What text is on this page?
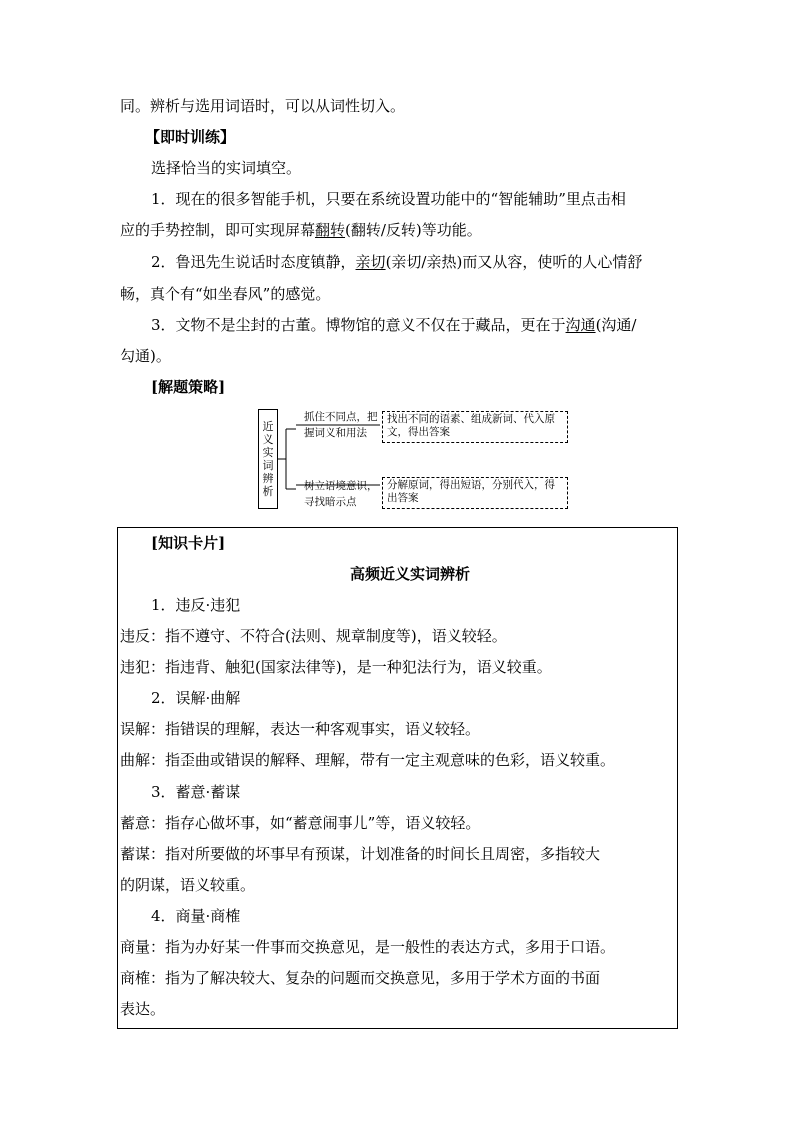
同。辨析与选用词语时，可以从词性切入。
【即时训练】
选择恰当的实词填空。
1．现在的很多智能手机，只要在系统设置功能中的“智能辅助”里点击相
应的手势控制，即可实现屏幕翻转(翻转/反转)等功能。
2．鲁迅先生说话时态度镇静，亲切(亲切/亲热)而又从容，使听的人心情舒
畅，真个有“如坐春风”的感觉。
3．文物不是尘封的古董。博物馆的意义不仅在于藏品，更在于沟通(沟通/
勾通)。
[解题策略]
近义实词辨析
抓住不同点，把
握词义和用法
找出不同的语素、组成新词、代入原文，得出答案
树立语境意识，
寻找暗示点
分解原词，得出短语，分别代入，得出答案
[知识卡片]
高频近义实词辨析
1．违反·违犯
违反：指不遵守、不符合(法则、规章制度等)，语义较轻。
违犯：指违背、触犯(国家法律等)，是一种犯法行为，语义较重。
2．误解·曲解
误解：指错误的理解，表达一种客观事实，语义较轻。
曲解：指歪曲或错误的解释、理解，带有一定主观意味的色彩，语义较重。
3．蓄意·蓄谋
蓄意：指存心做坏事，如“蓄意闹事儿”等，语义较轻。
蓄谋：指对所要做的坏事早有预谋，计划准备的时间长且周密，多指较大
的阴谋，语义较重。
4．商量·商榷
商量：指为办好某一件事而交换意见，是一般性的表达方式，多用于口语。
商榷：指为了解决较大、复杂的问题而交换意见，多用于学术方面的书面
表达。
